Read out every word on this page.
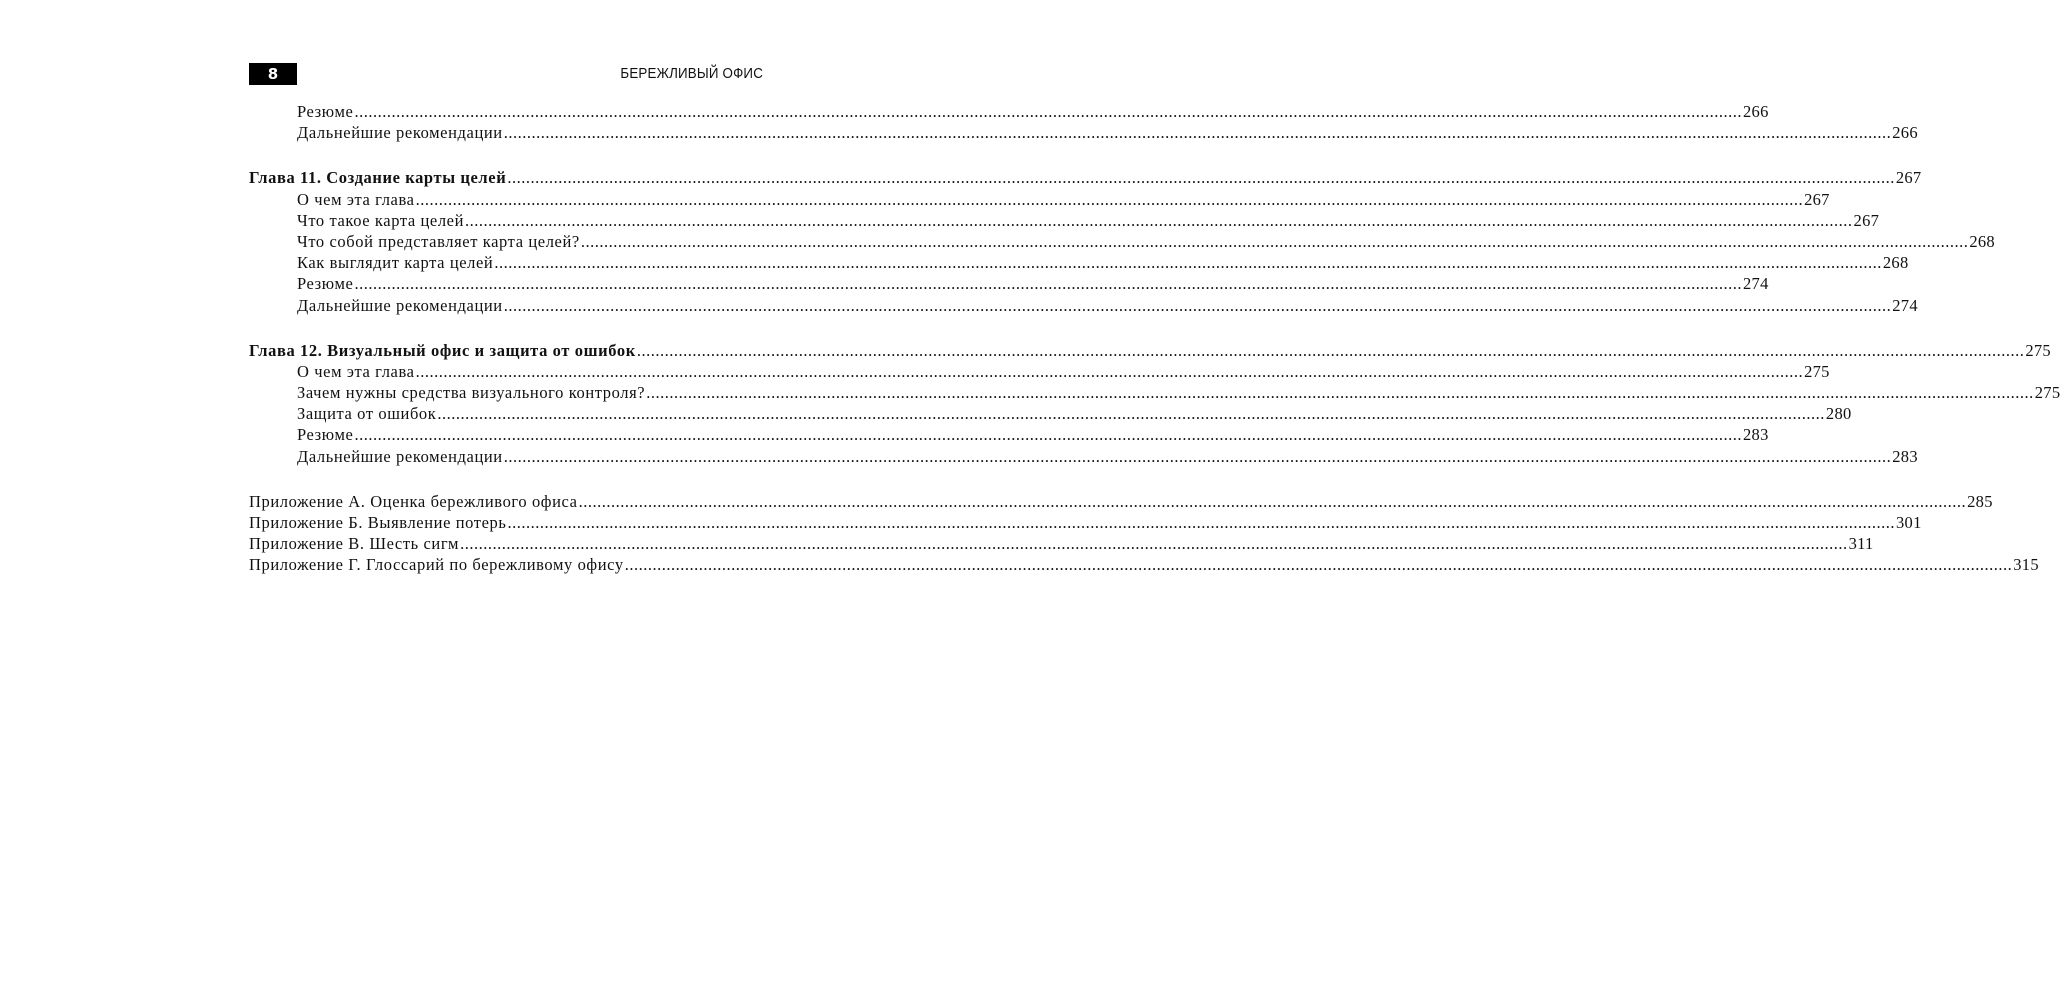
8	БЕРЕЖЛИВЫЙ ОФИС
Резюме ............................................................................................................................................................................................................................................................................................................ 266
Дальнейшие рекомендации ............................................................................................................................................................................................................................................................................................................ 266
Глава 11. Создание карты целей ............................................................................................................................................................................................................................................................................................................ 267
О чем эта глава ............................................................................................................................................................................................................................................................................................................ 267
Что такое карта целей ............................................................................................................................................................................................................................................................................................................ 267
Что собой представляет карта целей? ............................................................................................................................................................................................................................................................................................................ 268
Как выглядит карта целей ............................................................................................................................................................................................................................................................................................................ 268
Резюме ............................................................................................................................................................................................................................................................................................................ 274
Дальнейшие рекомендации ............................................................................................................................................................................................................................................................................................................ 274
Глава 12. Визуальный офис и защита от ошибок ............................................................................................................................................................................................................................................................................................................ 275
О чем эта глава ............................................................................................................................................................................................................................................................................................................ 275
Зачем нужны средства визуального контроля? ............................................................................................................................................................................................................................................................................................................ 275
Защита от ошибок ............................................................................................................................................................................................................................................................................................................ 280
Резюме ............................................................................................................................................................................................................................................................................................................ 283
Дальнейшие рекомендации ............................................................................................................................................................................................................................................................................................................ 283
Приложение А. Оценка бережливого офиса ............................................................................................................................................................................................................................................................................................................ 285
Приложение Б. Выявление потерь ............................................................................................................................................................................................................................................................................................................ 301
Приложение В. Шесть сигм ............................................................................................................................................................................................................................................................................................................ 311
Приложение Г. Глоссарий по бережливому офису ............................................................................................................................................................................................................................................................................................................ 315
